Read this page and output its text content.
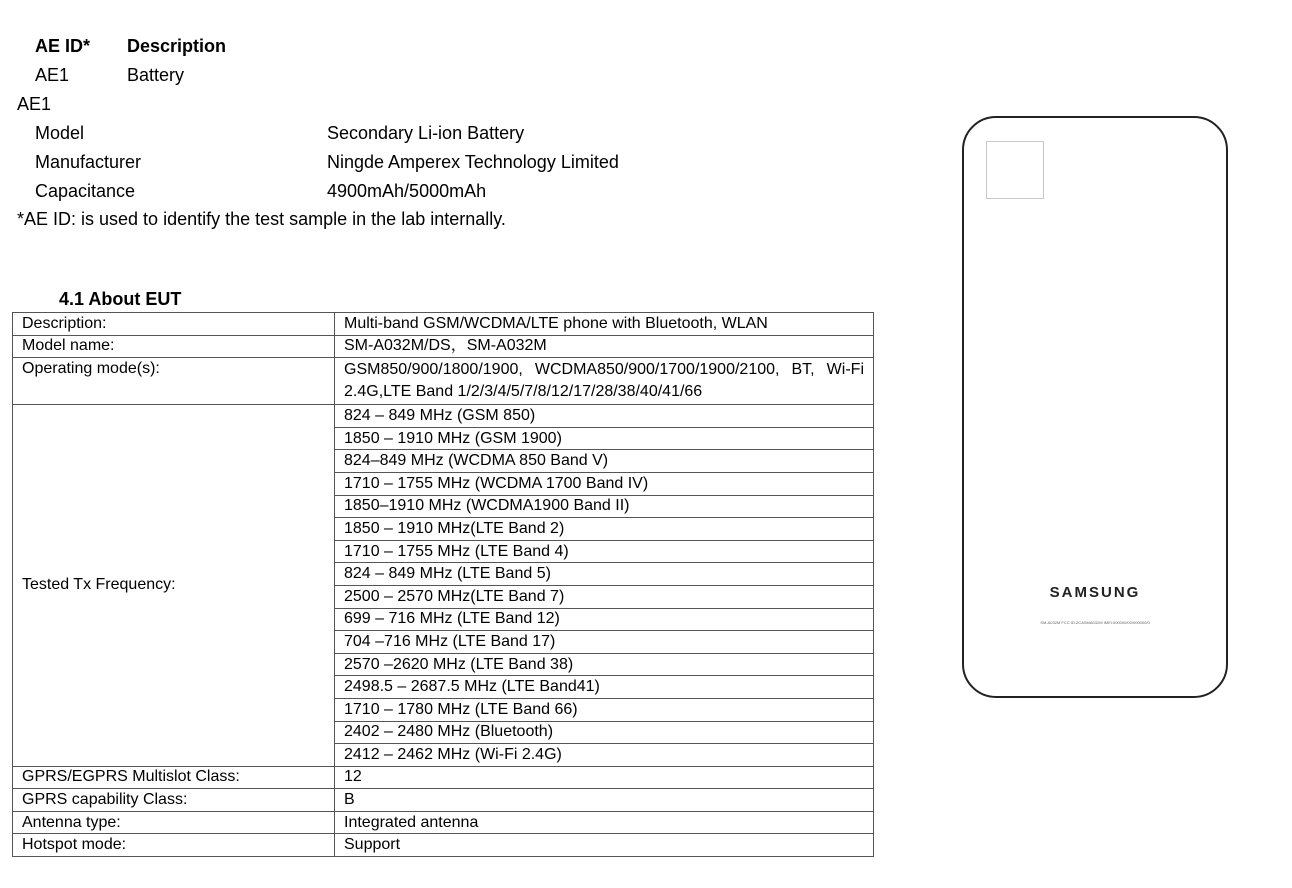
AE ID* Description
AE1	Battery
AE1
Model	Secondary Li-ion Battery
Manufacturer	Ningde Amperex Technology Limited
Capacitance	4900mAh/5000mAh
*AE ID: is used to identify the test sample in the lab internally.
4.1 About EUT
Description:	Multi-band GSM/WCDMA/LTE phone with Bluetooth, WLAN
Model name:	SM-A032M/DS，SM-A032M
Operating mode(s):	GSM850/900/1800/1900, WCDMA850/900/1700/1900/2100, BT, Wi-Fi 2.4G,LTE Band 1/2/3/4/5/7/8/12/17/28/38/40/41/66
Tested Tx Frequency:	824 – 849 MHz (GSM 850)
	1850 – 1910 MHz (GSM 1900)
	824–849 MHz (WCDMA 850 Band V)
	1710 – 1755 MHz (WCDMA 1700 Band IV)
	1850–1910 MHz (WCDMA1900 Band II)
	1850 – 1910 MHz(LTE Band 2)
	1710 – 1755 MHz (LTE Band 4)
	824 – 849 MHz (LTE Band 5)
	2500 – 2570 MHz(LTE Band 7)
	699 – 716 MHz (LTE Band 12)
	704 –716 MHz (LTE Band 17)
	2570 –2620 MHz (LTE Band 38)
	2498.5 – 2687.5 MHz (LTE Band41)
	1710 – 1780 MHz (LTE Band 66)
	2402 – 2480 MHz (Bluetooth)
	2412 – 2462 MHz (Wi-Fi 2.4G)
GPRS/EGPRS Multislot Class:	12
GPRS capability Class:	B
Antenna type:	Integrated antenna
Hotspot mode:	Support
SAMSUNG
SM-A032M FCC ID:ZCASMA032M IMEI:000000/00/000000/0
